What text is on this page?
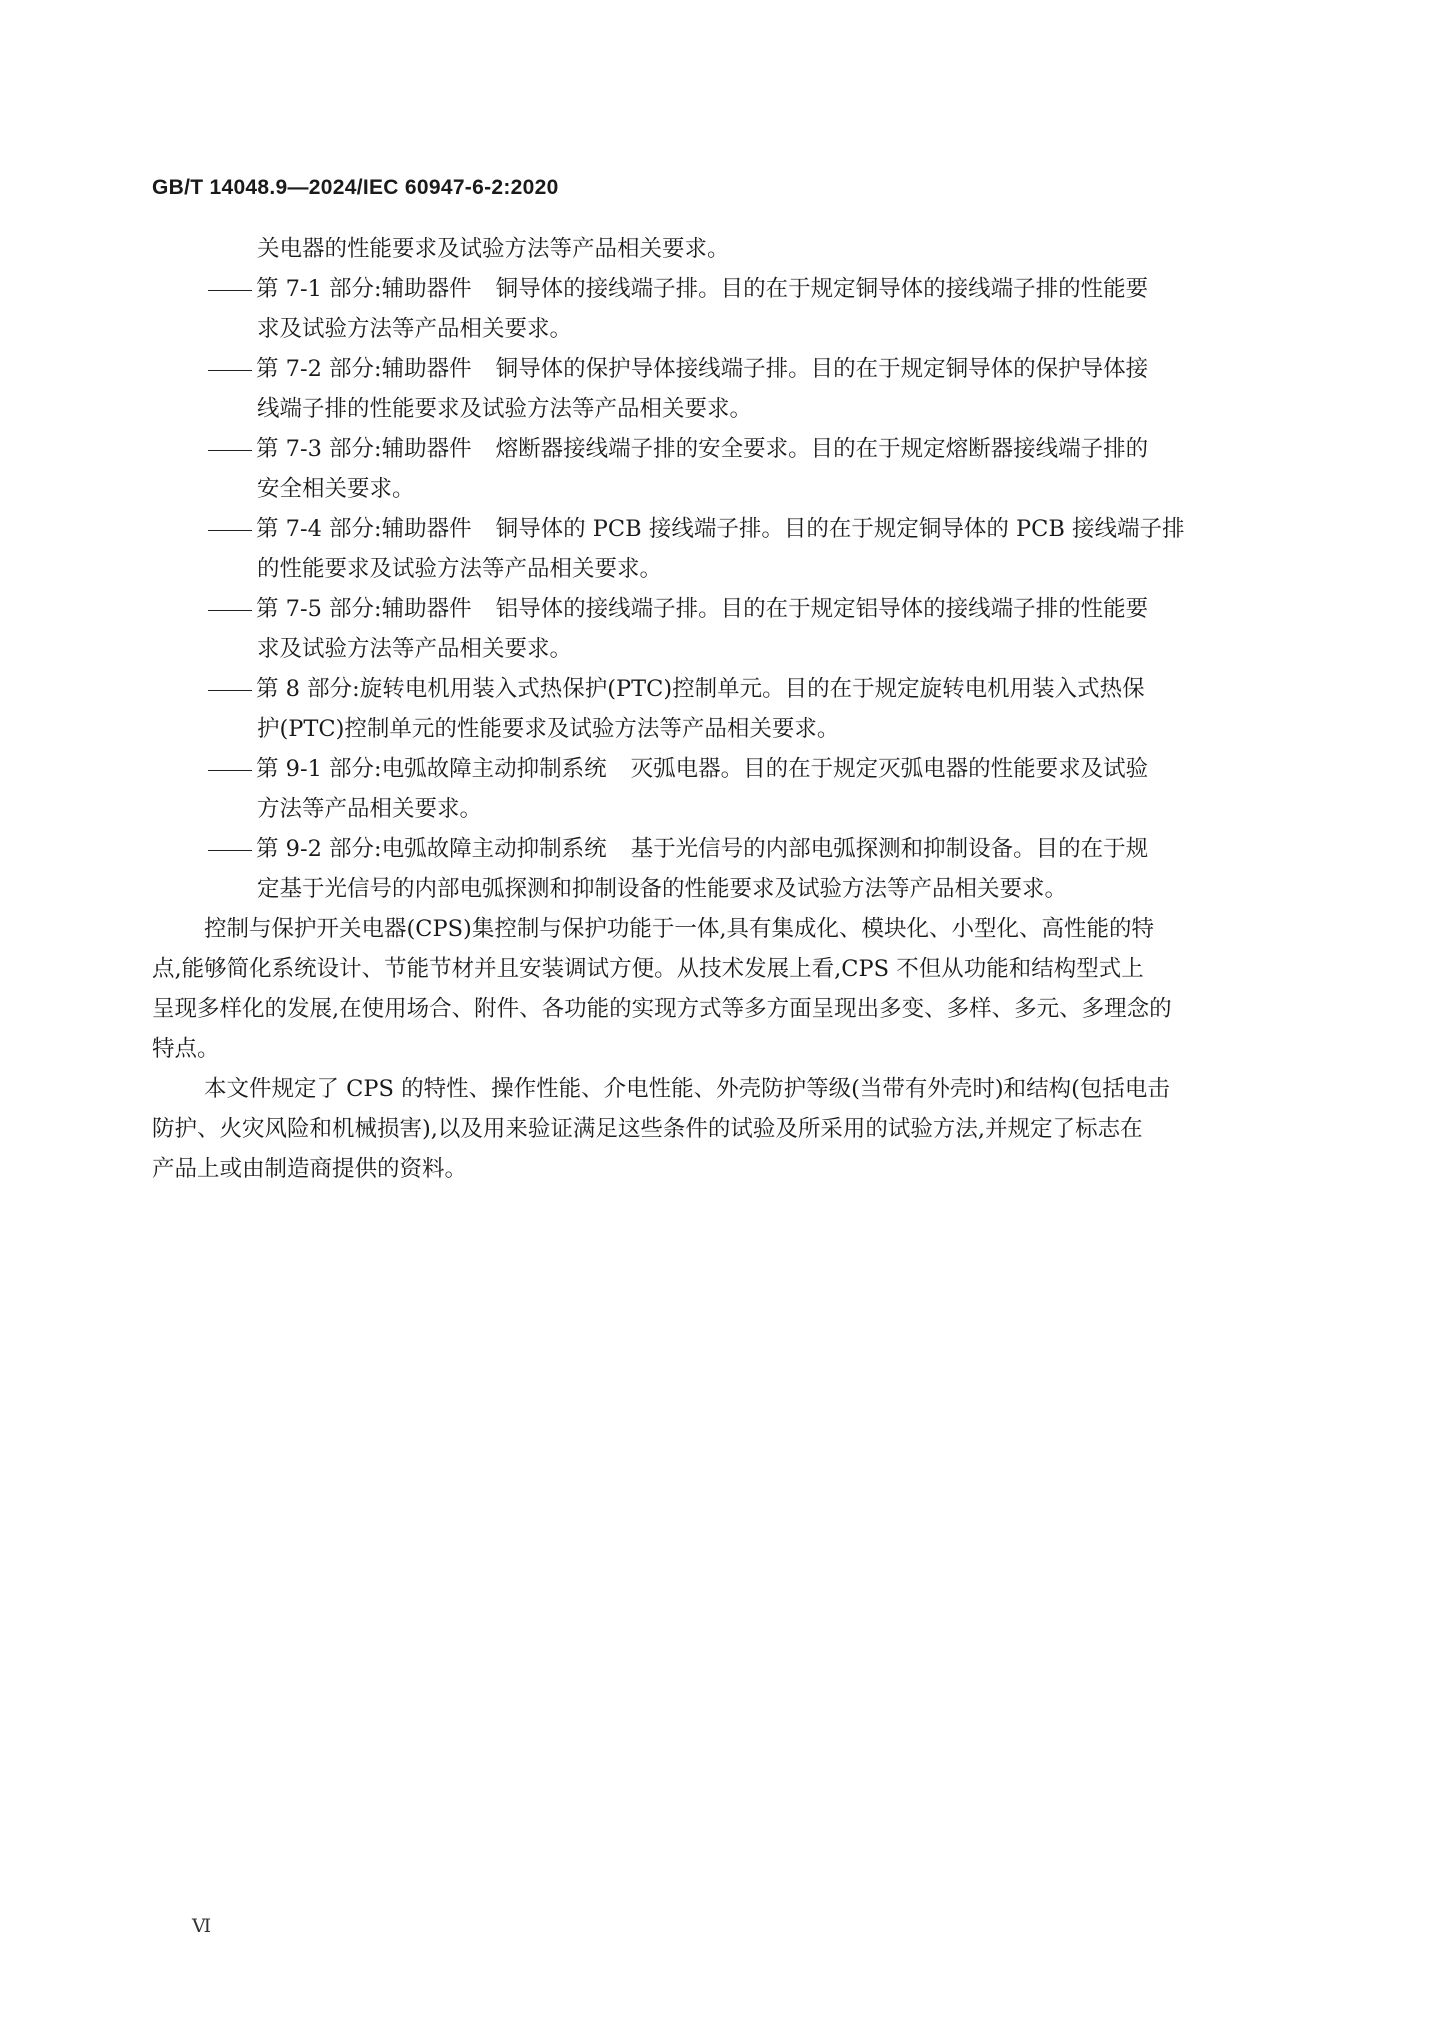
GB/T 14048.9—2024/IEC 60947-6-2:2020
关电器的性能要求及试验方法等产品相关要求。
第 7-1 部分:辅助器件 铜导体的接线端子排。目的在于规定铜导体的接线端子排的性能要
求及试验方法等产品相关要求。
第 7-2 部分:辅助器件 铜导体的保护导体接线端子排。目的在于规定铜导体的保护导体接
线端子排的性能要求及试验方法等产品相关要求。
第 7-3 部分:辅助器件 熔断器接线端子排的安全要求。目的在于规定熔断器接线端子排的
安全相关要求。
第 7-4 部分:辅助器件 铜导体的 PCB 接线端子排。目的在于规定铜导体的 PCB 接线端子排
的性能要求及试验方法等产品相关要求。
第 7-5 部分:辅助器件 铝导体的接线端子排。目的在于规定铝导体的接线端子排的性能要
求及试验方法等产品相关要求。
第 8 部分:旋转电机用装入式热保护(PTC)控制单元。目的在于规定旋转电机用装入式热保
护(PTC)控制单元的性能要求及试验方法等产品相关要求。
第 9-1 部分:电弧故障主动抑制系统 灭弧电器。目的在于规定灭弧电器的性能要求及试验
方法等产品相关要求。
第 9-2 部分:电弧故障主动抑制系统 基于光信号的内部电弧探测和抑制设备。目的在于规
定基于光信号的内部电弧探测和抑制设备的性能要求及试验方法等产品相关要求。
控制与保护开关电器(CPS)集控制与保护功能于一体,具有集成化、模块化、小型化、高性能的特
点,能够简化系统设计、节能节材并且安装调试方便。从技术发展上看,CPS 不但从功能和结构型式上
呈现多样化的发展,在使用场合、附件、各功能的实现方式等多方面呈现出多变、多样、多元、多理念的
特点。
本文件规定了 CPS 的特性、操作性能、介电性能、外壳防护等级(当带有外壳时)和结构(包括电击
防护、火灾风险和机械损害),以及用来验证满足这些条件的试验及所采用的试验方法,并规定了标志在
产品上或由制造商提供的资料。
Ⅵ
